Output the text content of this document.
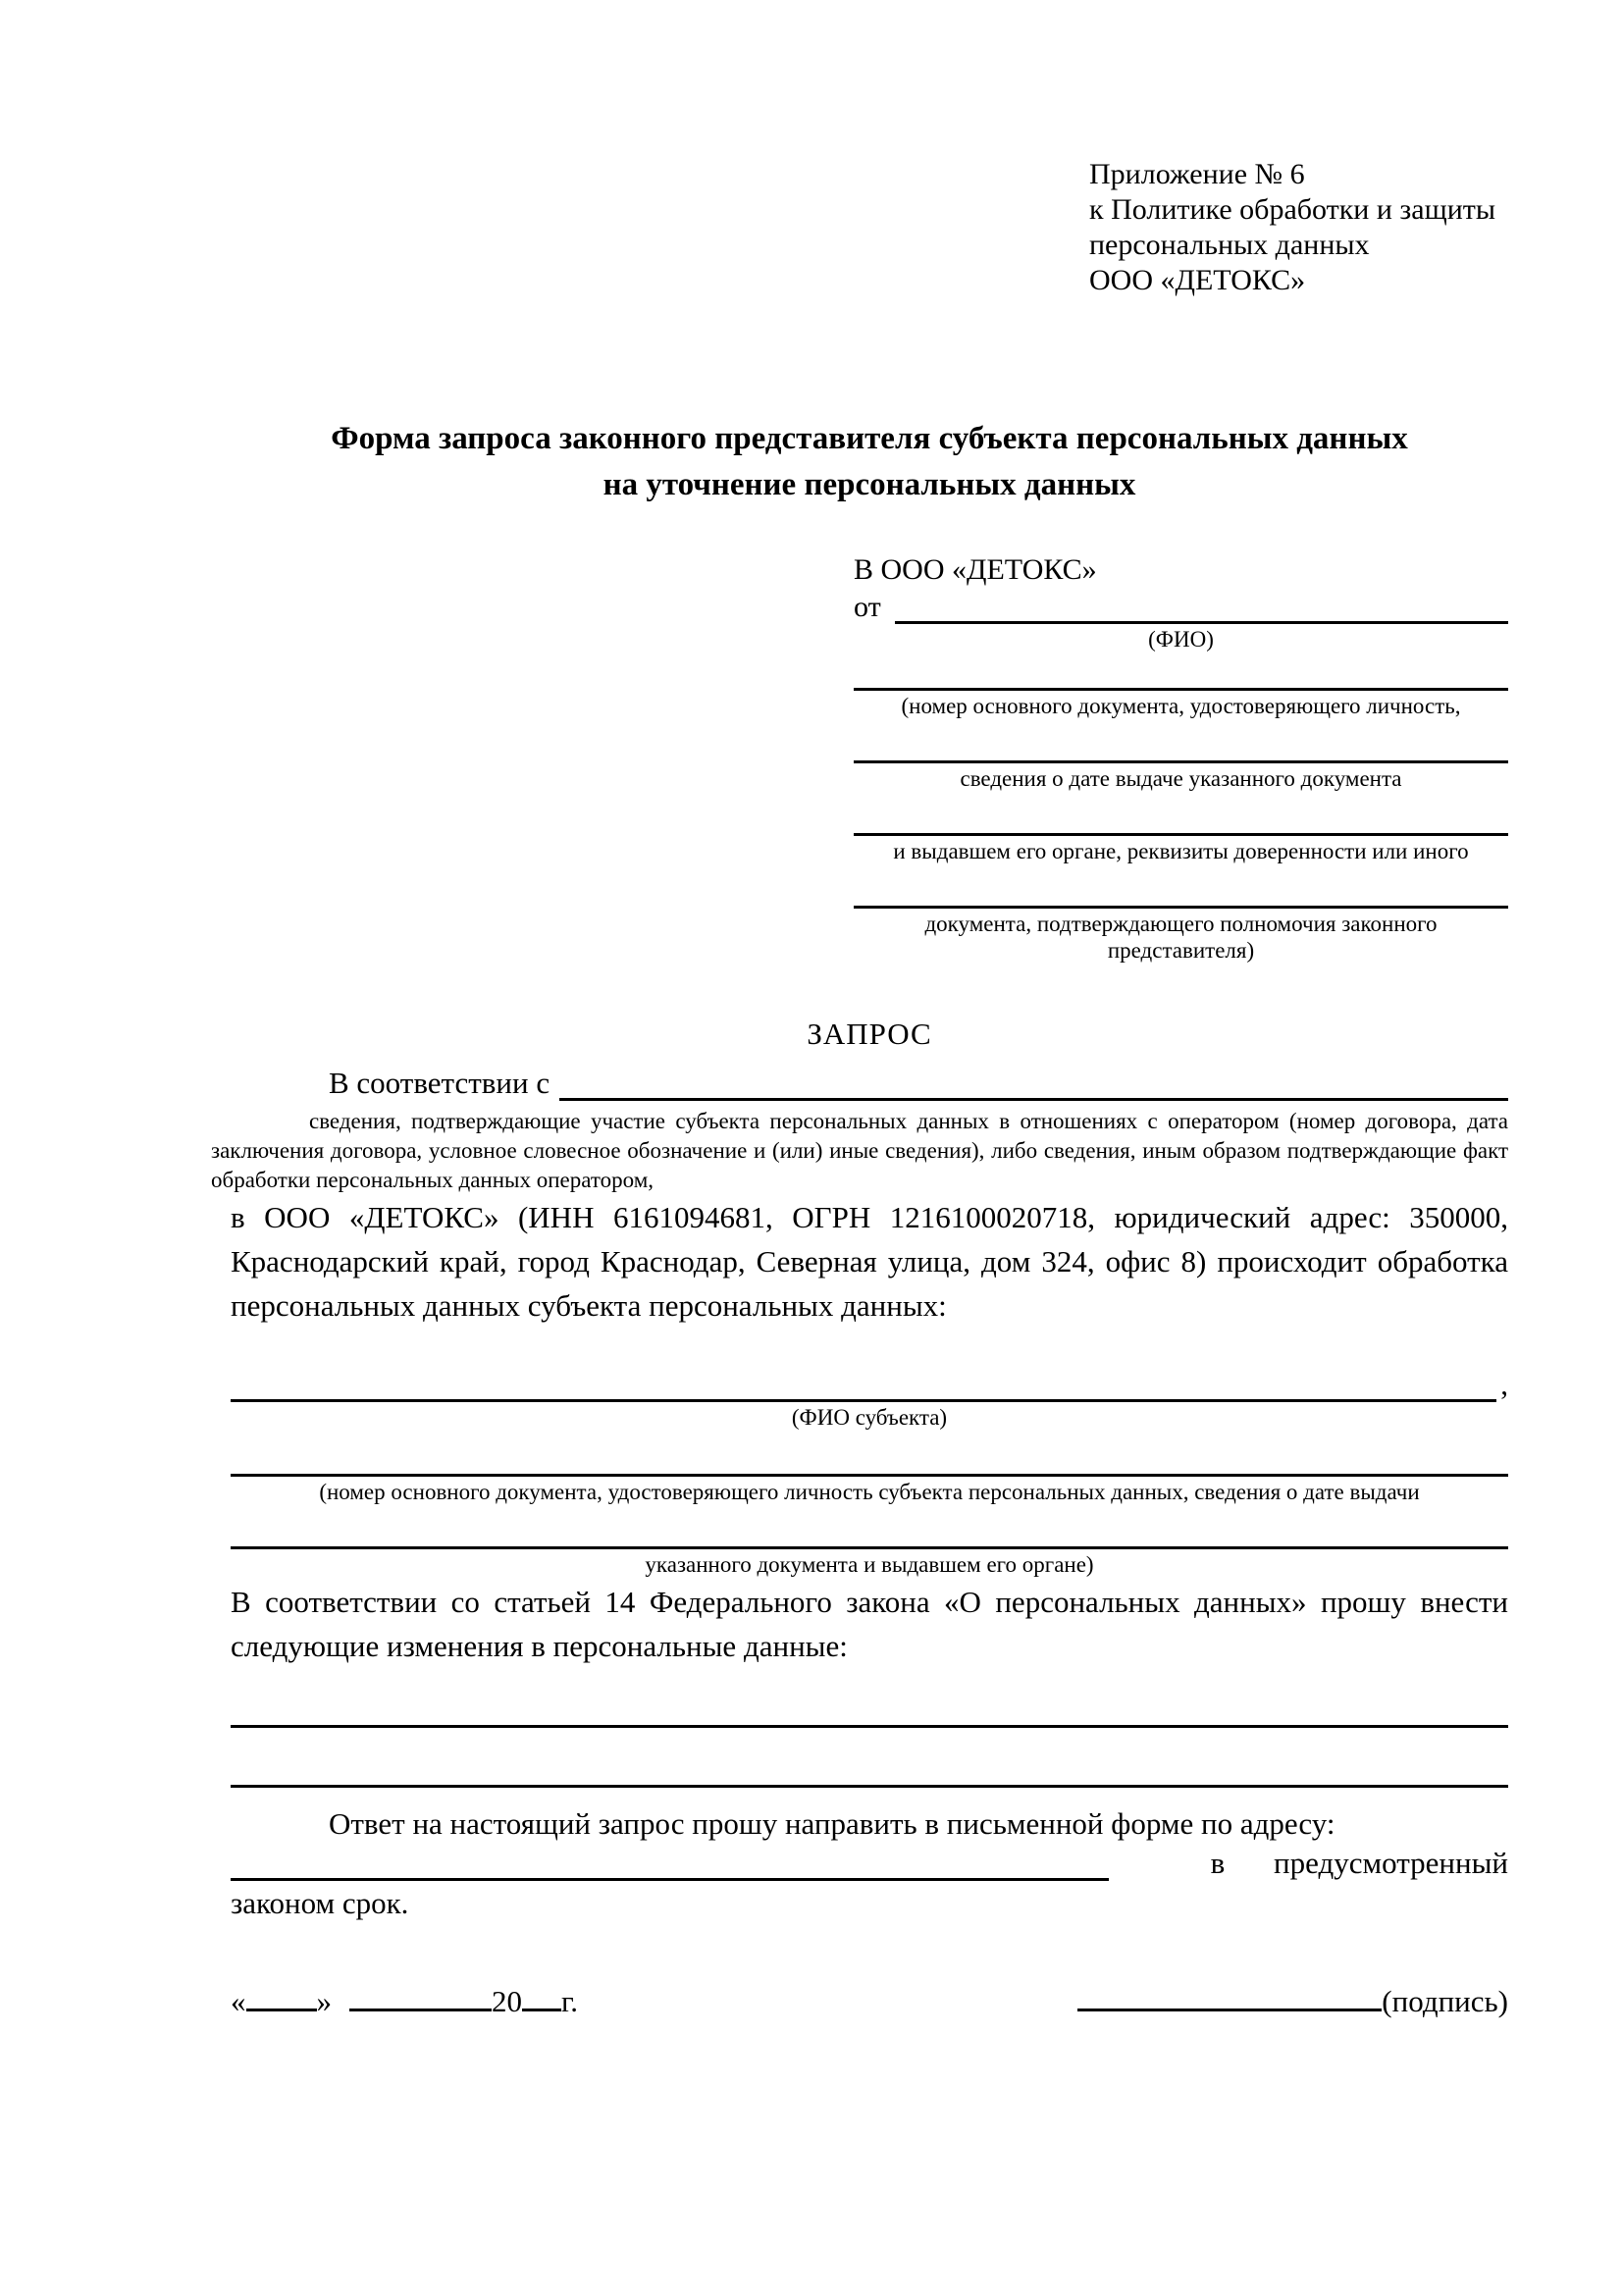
Приложение № 6
к Политике обработки и защиты
персональных данных
ООО «ДЕТОКС»
Форма запроса законного представителя субъекта персональных данных
на уточнение персональных данных
В ООО «ДЕТОКС»
от
(ФИО)
(номер основного документа, удостоверяющего личность,
сведения о дате выдаче указанного документа
и выдавшем его органе, реквизиты доверенности или иного
документа, подтверждающего полномочия законного представителя)
ЗАПРОС
В соответствии с
сведения, подтверждающие участие субъекта персональных данных в отношениях с оператором (номер договора, дата заключения договора, условное словесное обозначение и (или) иные сведения), либо сведения, иным образом подтверждающие факт обработки персональных данных оператором,
в ООО «ДЕТОКС» (ИНН 6161094681, ОГРН 1216100020718, юридический адрес: 350000, Краснодарский край, город Краснодар, Северная улица, дом 324, офис 8) происходит обработка персональных данных субъекта персональных данных:
,
(ФИО субъекта)
(номер основного документа, удостоверяющего личность субъекта персональных данных, сведения о дате выдачи
указанного документа и выдавшем его органе)
В соответствии со статьей 14 Федерального закона «О персональных данных» прошу внести следующие изменения в персональные данные:
Ответ на настоящий запрос прошу направить в письменной форме по адресу:
в предусмотренный
законом срок.
« »	20 г.	(подпись)
